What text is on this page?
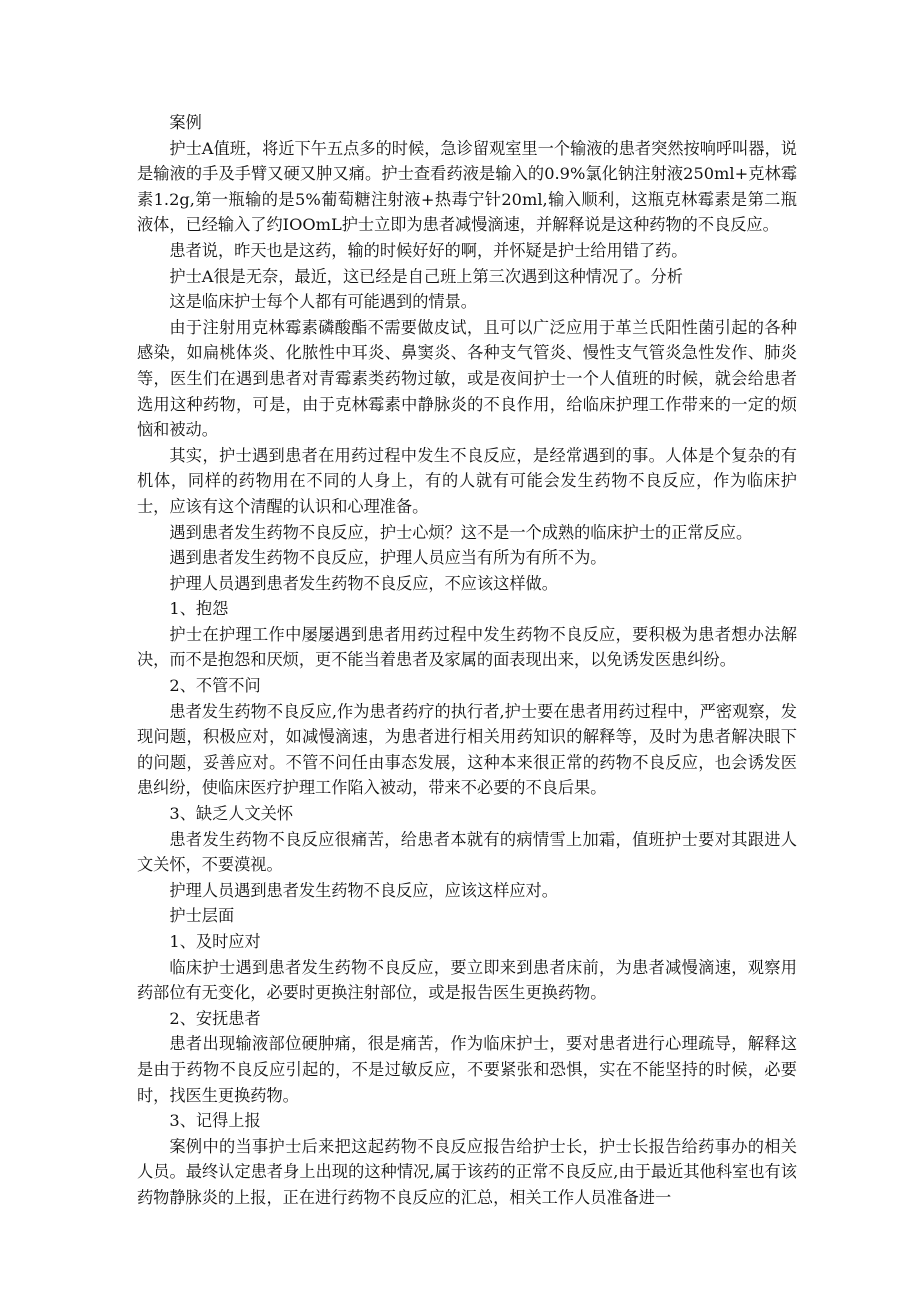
案例

护士A值班，将近下午五点多的时候，急诊留观室里一个输液的患者突然按响呼叫器，说是输液的手及手臂又硬又肿又痛。护士查看药液是输入的0.9%氯化钠注射液250ml+克林霉素1.2g,第一瓶输的是5%葡萄糖注射液+热毒宁针20ml,输入顺利，这瓶克林霉素是第二瓶液体，已经输入了约IOOmL护士立即为患者减慢滴速，并解释说是这种药物的不良反应。

患者说，昨天也是这药，输的时候好好的啊，并怀疑是护士给用错了药。

护士A很是无奈，最近，这已经是自己班上第三次遇到这种情况了。分析

这是临床护士每个人都有可能遇到的情景。

由于注射用克林霉素磷酸酯不需要做皮试，且可以广泛应用于革兰氏阳性菌引起的各种感染，如扁桃体炎、化脓性中耳炎、鼻窦炎、各种支气管炎、慢性支气管炎急性发作、肺炎等，医生们在遇到患者对青霉素类药物过敏，或是夜间护士一个人值班的时候，就会给患者选用这种药物，可是，由于克林霉素中静脉炎的不良作用，给临床护理工作带来的一定的烦恼和被动。

其实，护士遇到患者在用药过程中发生不良反应，是经常遇到的事。人体是个复杂的有机体，同样的药物用在不同的人身上，有的人就有可能会发生药物不良反应，作为临床护士，应该有这个清醒的认识和心理准备。

遇到患者发生药物不良反应，护士心烦？这不是一个成熟的临床护士的正常反应。

遇到患者发生药物不良反应，护理人员应当有所为有所不为。

护理人员遇到患者发生药物不良反应，不应该这样做。

1、抱怨

护士在护理工作中屡屡遇到患者用药过程中发生药物不良反应，要积极为患者想办法解决，而不是抱怨和厌烦，更不能当着患者及家属的面表现出来，以免诱发医患纠纷。

2、不管不问

患者发生药物不良反应,作为患者药疗的执行者,护士要在患者用药过程中，严密观察，发现问题，积极应对，如减慢滴速，为患者进行相关用药知识的解释等，及时为患者解决眼下的问题，妥善应对。不管不问任由事态发展，这种本来很正常的药物不良反应，也会诱发医患纠纷，使临床医疗护理工作陷入被动，带来不必要的不良后果。

3、缺乏人文关怀

患者发生药物不良反应很痛苦，给患者本就有的病情雪上加霜，值班护士要对其跟进人文关怀，不要漠视。

护理人员遇到患者发生药物不良反应，应该这样应对。

护士层面

1、及时应对

临床护士遇到患者发生药物不良反应，要立即来到患者床前，为患者减慢滴速，观察用药部位有无变化，必要时更换注射部位，或是报告医生更换药物。

2、安抚患者

患者出现输液部位硬肿痛，很是痛苦，作为临床护士，要对患者进行心理疏导，解释这是由于药物不良反应引起的，不是过敏反应，不要紧张和恐惧，实在不能坚持的时候，必要时，找医生更换药物。

3、记得上报

案例中的当事护士后来把这起药物不良反应报告给护士长，护士长报告给药事办的相关人员。最终认定患者身上出现的这种情况,属于该药的正常不良反应,由于最近其他科室也有该药物静脉炎的上报，正在进行药物不良反应的汇总，相关工作人员准备进一
